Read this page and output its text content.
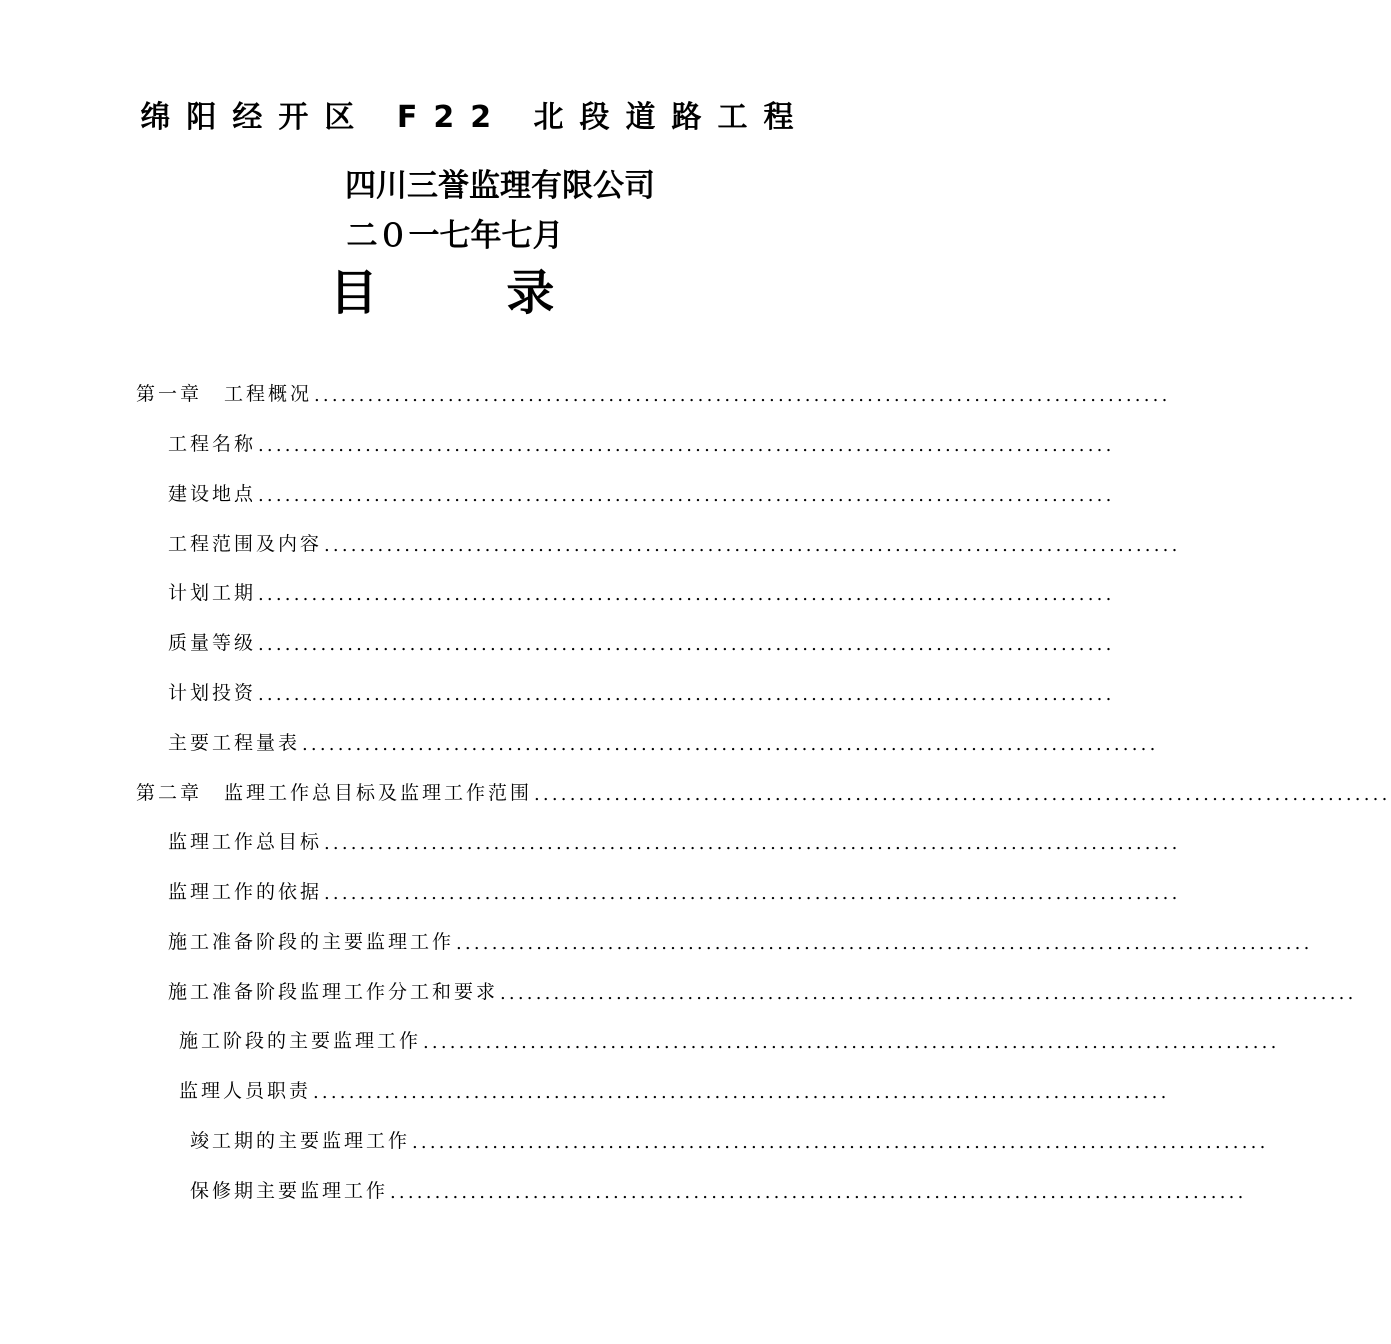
绵阳经开区 F22 北段道路工程
四川三誉监理有限公司
二０一七年七月
目 录
第一章　工程概况 ................................................................................................
工程名称 ................................................................................................
建设地点 ................................................................................................
工程范围及内容 ................................................................................................
计划工期 ................................................................................................
质量等级 ................................................................................................
计划投资 ................................................................................................
主要工程量表 ................................................................................................
第二章　监理工作总目标及监理工作范围 ................................................................................................
监理工作总目标 ................................................................................................
监理工作的依据 ................................................................................................
施工准备阶段的主要监理工作 ................................................................................................
施工准备阶段监理工作分工和要求 ................................................................................................
施工阶段的主要监理工作 ................................................................................................
监理人员职责 ................................................................................................
竣工期的主要监理工作 ................................................................................................
保修期主要监理工作 ................................................................................................
